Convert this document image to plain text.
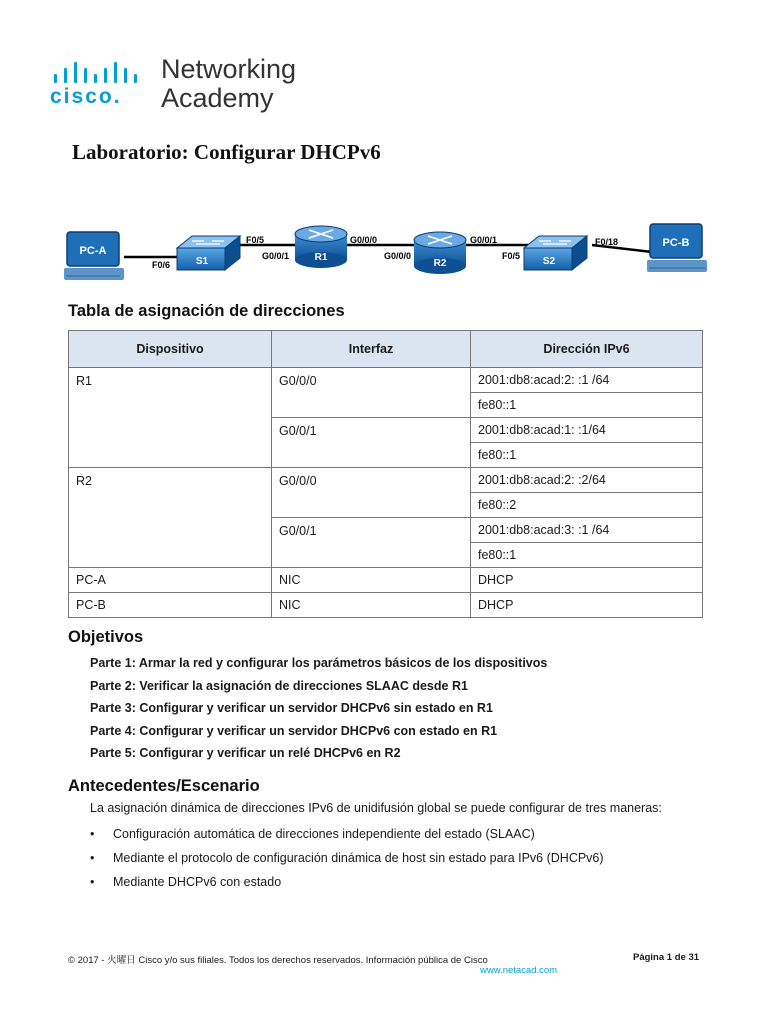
cisco.
Networking
Academy
Laboratorio: Configurar DHCPv6
PC-A
S1	R1
R2	S2
PC-B
F0/5
F0/6
G0/0/1
G0/0/0
G0/0/0
G0/0/1
F0/5
F0/18
Tabla de asignación de direcciones
Dispositivo	Interfaz	Dirección IPv6
R1	G0/0/0	2001:db8:acad:2: :1 /64
		fe80::1
	G0/0/1	2001:db8:acad:1: :1/64
		fe80::1
R2	G0/0/0	2001:db8:acad:2: :2/64
		fe80::2
	G0/0/1	2001:db8:acad:3: :1 /64
		fe80::1
PC-A	NIC	DHCP
PC-B	NIC	DHCP
Objetivos
Parte 1: Armar la red y configurar los parámetros básicos de los dispositivos
Parte 2: Verificar la asignación de direcciones SLAAC desde R1
Parte 3: Configurar y verificar un servidor DHCPv6 sin estado en R1
Parte 4: Configurar y verificar un servidor DHCPv6 con estado en R1
Parte 5: Configurar y verificar un relé DHCPv6 en R2
Antecedentes/Escenario

La asignación dinámica de direcciones IPv6 de unidifusión global se puede configurar de tres maneras:

• Configuración automática de direcciones independiente del estado (SLAAC)
• Mediante el protocolo de configuración dinámica de host sin estado para IPv6 (DHCPv6)
• Mediante DHCPv6 con estado
© 2017 - 火曜日 Cisco y/o sus filiales. Todos los derechos reservados. Información pública de Cisco
www.netacad.com
Página 1 de 31
